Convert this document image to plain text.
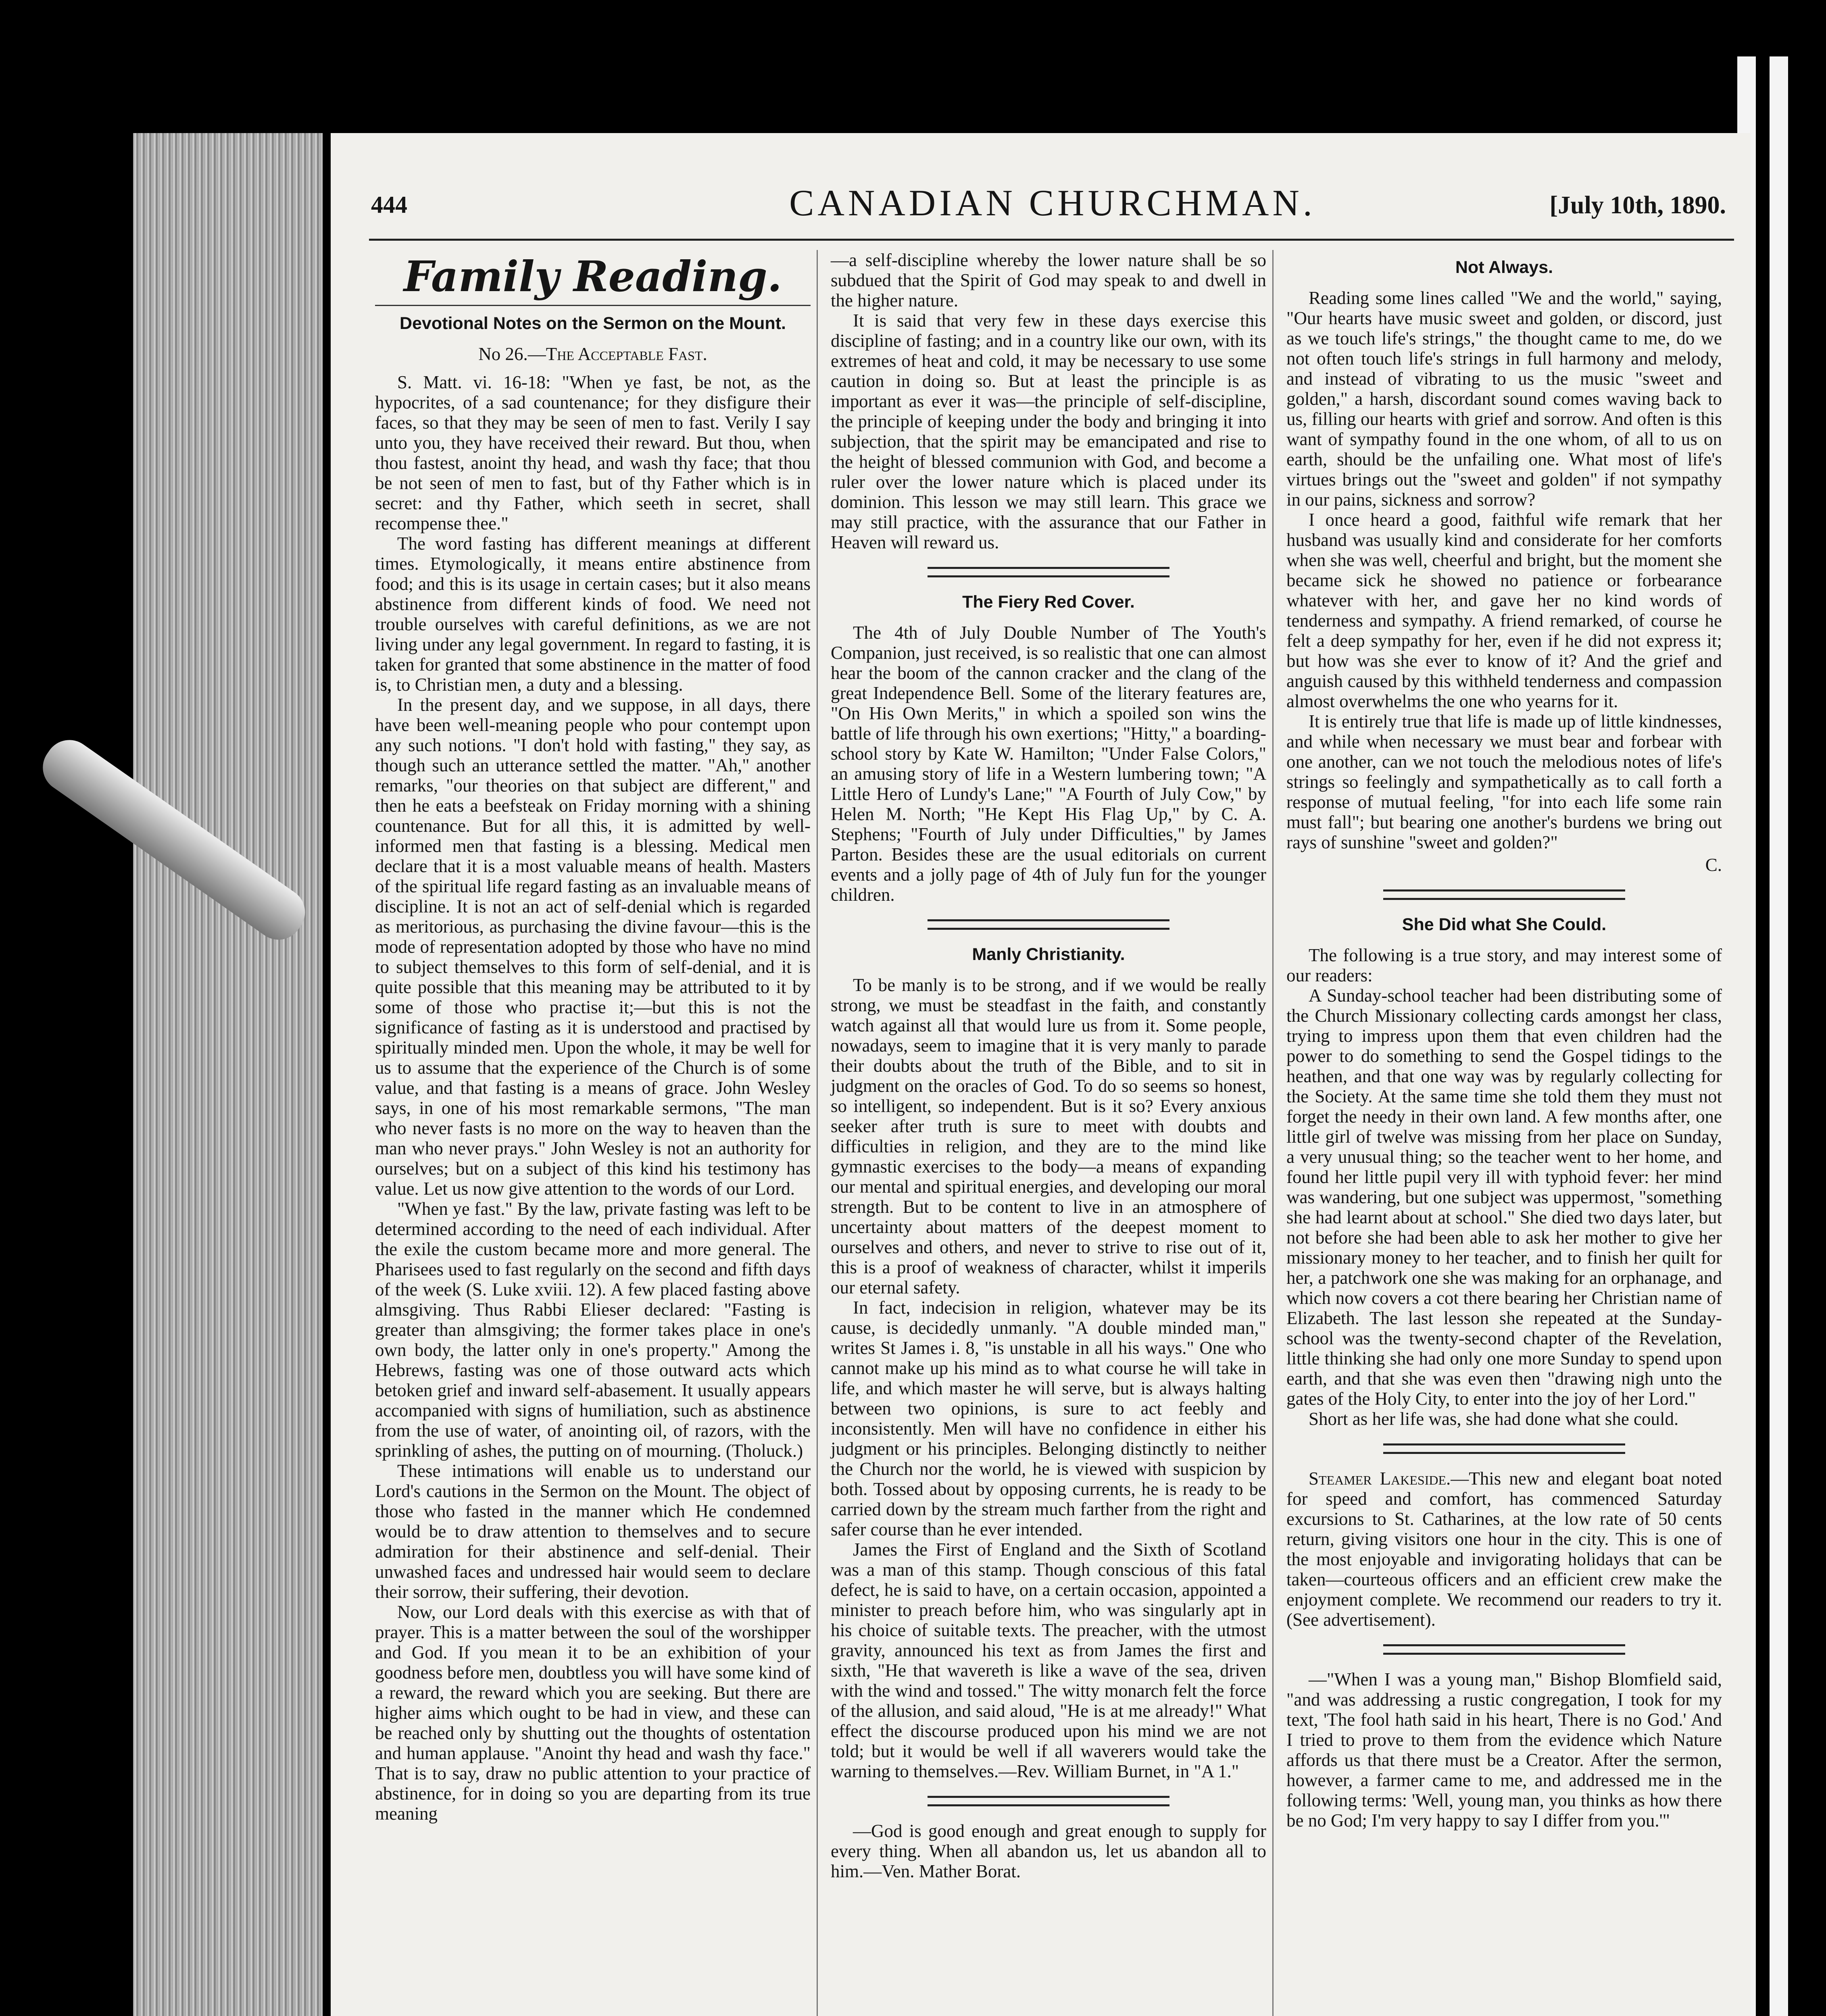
444	CANADIAN CHURCHMAN.	[July 10th, 1890.
Family Reading.
Devotional Notes on the Sermon on the Mount.
No 26.—The Acceptable Fast.

S. Matt. vi. 16-18: "When ye fast, be not, as the hypocrites, of a sad countenance; for they disfigure their faces, so that they may be seen of men to fast. Verily I say unto you, they have received their reward. But thou, when thou fastest, anoint thy head, and wash thy face; that thou be not seen of men to fast, but of thy Father which is in secret: and thy Father, which seeth in secret, shall recompense thee."

The word fasting has different meanings at different times. Etymologically, it means entire abstinence from food; and this is its usage in certain cases; but it also means abstinence from different kinds of food. We need not trouble ourselves with careful definitions, as we are not living under any legal government. In regard to fasting, it is taken for granted that some abstinence in the matter of food is, to Christian men, a duty and a blessing.

In the present day, and we suppose, in all days, there have been well-meaning people who pour contempt upon any such notions. "I don't hold with fasting," they say, as though such an utterance settled the matter. "Ah," another remarks, "our theories on that subject are different," and then he eats a beefsteak on Friday morning with a shining countenance. But for all this, it is admitted by well-informed men that fasting is a blessing. Medical men declare that it is a most valuable means of health. Masters of the spiritual life regard fasting as an invaluable means of discipline. It is not an act of self-denial which is regarded as meritorious, as purchasing the divine favour—this is the mode of representation adopted by those who have no mind to subject themselves to this form of self-denial, and it is quite possible that this meaning may be attributed to it by some of those who practise it;—but this is not the significance of fasting as it is understood and practised by spiritually minded men. Upon the whole, it may be well for us to assume that the experience of the Church is of some value, and that fasting is a means of grace. John Wesley says, in one of his most remarkable sermons, "The man who never fasts is no more on the way to heaven than the man who never prays." John Wesley is not an authority for ourselves; but on a subject of this kind his testimony has value. Let us now give attention to the words of our Lord.

"When ye fast." By the law, private fasting was left to be determined according to the need of each individual. After the exile the custom became more and more general. The Pharisees used to fast regularly on the second and fifth days of the week (S. Luke xviii. 12). A few placed fasting above almsgiving. Thus Rabbi Elieser declared: "Fasting is greater than almsgiving; the former takes place in one's own body, the latter only in one's property." Among the Hebrews, fasting was one of those outward acts which betoken grief and inward self-abasement. It usually appears accompanied with signs of humiliation, such as abstinence from the use of water, of anointing oil, of razors, with the sprinkling of ashes, the putting on of mourning. (Tholuck.)

These intimations will enable us to understand our Lord's cautions in the Sermon on the Mount. The object of those who fasted in the manner which He condemned would be to draw attention to themselves and to secure admiration for their abstinence and self-denial. Their unwashed faces and undressed hair would seem to declare their sorrow, their suffering, their devotion.

Now, our Lord deals with this exercise as with that of prayer. This is a matter between the soul of the worshipper and God. If you mean it to be an exhibition of your goodness before men, doubtless you will have some kind of a reward, the reward which you are seeking. But there are higher aims which ought to be had in view, and these can be reached only by shutting out the thoughts of ostentation and human applause. "Anoint thy head and wash thy face." That is to say, draw no public attention to your practice of abstinence, for in doing so you are departing from its true meaning

—a self-discipline whereby the lower nature shall be so subdued that the Spirit of God may speak to and dwell in the higher nature.

It is said that very few in these days exercise this discipline of fasting; and in a country like our own, with its extremes of heat and cold, it may be necessary to use some caution in doing so. But at least the principle is as important as ever it was—the principle of self-discipline, the principle of keeping under the body and bringing it into subjection, that the spirit may be emancipated and rise to the height of blessed communion with God, and become a ruler over the lower nature which is placed under its dominion. This lesson we may still learn. This grace we may still practice, with the assurance that our Father in Heaven will reward us.

The Fiery Red Cover.

The 4th of July Double Number of The Youth's Companion, just received, is so realistic that one can almost hear the boom of the cannon cracker and the clang of the great Independence Bell. Some of the literary features are, "On His Own Merits," in which a spoiled son wins the battle of life through his own exertions; "Hitty," a boarding-school story by Kate W. Hamilton; "Under False Colors," an amusing story of life in a Western lumbering town; "A Little Hero of Lundy's Lane;" "A Fourth of July Cow," by Helen M. North; "He Kept His Flag Up," by C. A. Stephens; "Fourth of July under Difficulties," by James Parton. Besides these are the usual editorials on current events and a jolly page of 4th of July fun for the younger children.

Manly Christianity.

To be manly is to be strong, and if we would be really strong, we must be steadfast in the faith, and constantly watch against all that would lure us from it. Some people, nowadays, seem to imagine that it is very manly to parade their doubts about the truth of the Bible, and to sit in judgment on the oracles of God. To do so seems so honest, so intelligent, so independent. But is it so? Every anxious seeker after truth is sure to meet with doubts and difficulties in religion, and they are to the mind like gymnastic exercises to the body—a means of expanding our mental and spiritual energies, and developing our moral strength. But to be content to live in an atmosphere of uncertainty about matters of the deepest moment to ourselves and others, and never to strive to rise out of it, this is a proof of weakness of character, whilst it imperils our eternal safety.

In fact, indecision in religion, whatever may be its cause, is decidedly unmanly. "A double minded man," writes St James i. 8, "is unstable in all his ways." One who cannot make up his mind as to what course he will take in life, and which master he will serve, but is always halting between two opinions, is sure to act feebly and inconsistently. Men will have no confidence in either his judgment or his principles. Belonging distinctly to neither the Church nor the world, he is viewed with suspicion by both. Tossed about by opposing currents, he is ready to be carried down by the stream much farther from the right and safer course than he ever intended.

James the First of England and the Sixth of Scotland was a man of this stamp. Though conscious of this fatal defect, he is said to have, on a certain occasion, appointed a minister to preach before him, who was singularly apt in his choice of suitable texts. The preacher, with the utmost gravity, announced his text as from James the first and sixth, "He that wavereth is like a wave of the sea, driven with the wind and tossed." The witty monarch felt the force of the allusion, and said aloud, "He is at me already!" What effect the discourse produced upon his mind we are not told; but it would be well if all waverers would take the warning to themselves.—Rev. William Burnet, in "A 1."

—God is good enough and great enough to supply for every thing. When all abandon us, let us abandon all to him.—Ven. Mather Borat.

Not Always.

Reading some lines called "We and the world," saying, "Our hearts have music sweet and golden, or discord, just as we touch life's strings," the thought came to me, do we not often touch life's strings in full harmony and melody, and instead of vibrating to us the music "sweet and golden," a harsh, discordant sound comes waving back to us, filling our hearts with grief and sorrow. And often is this want of sympathy found in the one whom, of all to us on earth, should be the unfailing one. What most of life's virtues brings out the "sweet and golden" if not sympathy in our pains, sickness and sorrow?

I once heard a good, faithful wife remark that her husband was usually kind and considerate for her comforts when she was well, cheerful and bright, but the moment she became sick he showed no patience or forbearance whatever with her, and gave her no kind words of tenderness and sympathy. A friend remarked, of course he felt a deep sympathy for her, even if he did not express it; but how was she ever to know of it? And the grief and anguish caused by this withheld tenderness and compassion almost overwhelms the one who yearns for it.

It is entirely true that life is made up of little kindnesses, and while when necessary we must bear and forbear with one another, can we not touch the melodious notes of life's strings so feelingly and sympathetically as to call forth a response of mutual feeling, "for into each life some rain must fall"; but bearing one another's burdens we bring out rays of sunshine "sweet and golden?"

C.
She Did what She Could.

The following is a true story, and may interest some of our readers:

A Sunday-school teacher had been distributing some of the Church Missionary collecting cards amongst her class, trying to impress upon them that even children had the power to do something to send the Gospel tidings to the heathen, and that one way was by regularly collecting for the Society. At the same time she told them they must not forget the needy in their own land. A few months after, one little girl of twelve was missing from her place on Sunday, a very unusual thing; so the teacher went to her home, and found her little pupil very ill with typhoid fever: her mind was wandering, but one subject was uppermost, "something she had learnt about at school." She died two days later, but not before she had been able to ask her mother to give her missionary money to her teacher, and to finish her quilt for her, a patchwork one she was making for an orphanage, and which now covers a cot there bearing her Christian name of Elizabeth. The last lesson she repeated at the Sunday-school was the twenty-second chapter of the Revelation, little thinking she had only one more Sunday to spend upon earth, and that she was even then "drawing nigh unto the gates of the Holy City, to enter into the joy of her Lord."

Short as her life was, she had done what she could.

Steamer Lakeside.—This new and elegant boat noted for speed and comfort, has commenced Saturday excursions to St. Catharines, at the low rate of 50 cents return, giving visitors one hour in the city. This is one of the most enjoyable and invigorating holidays that can be taken—courteous officers and an efficient crew make the enjoyment complete. We recommend our readers to try it. (See advertisement).

—"When I was a young man," Bishop Blomfield said, "and was addressing a rustic congregation, I took for my text, 'The fool hath said in his heart, There is no God.' And I tried to prove to them from the evidence which Nature affords us that there must be a Creator. After the sermon, however, a farmer came to me, and addressed me in the following terms: 'Well, young man, you thinks as how there be no God; I'm very happy to say I differ from you.'"
